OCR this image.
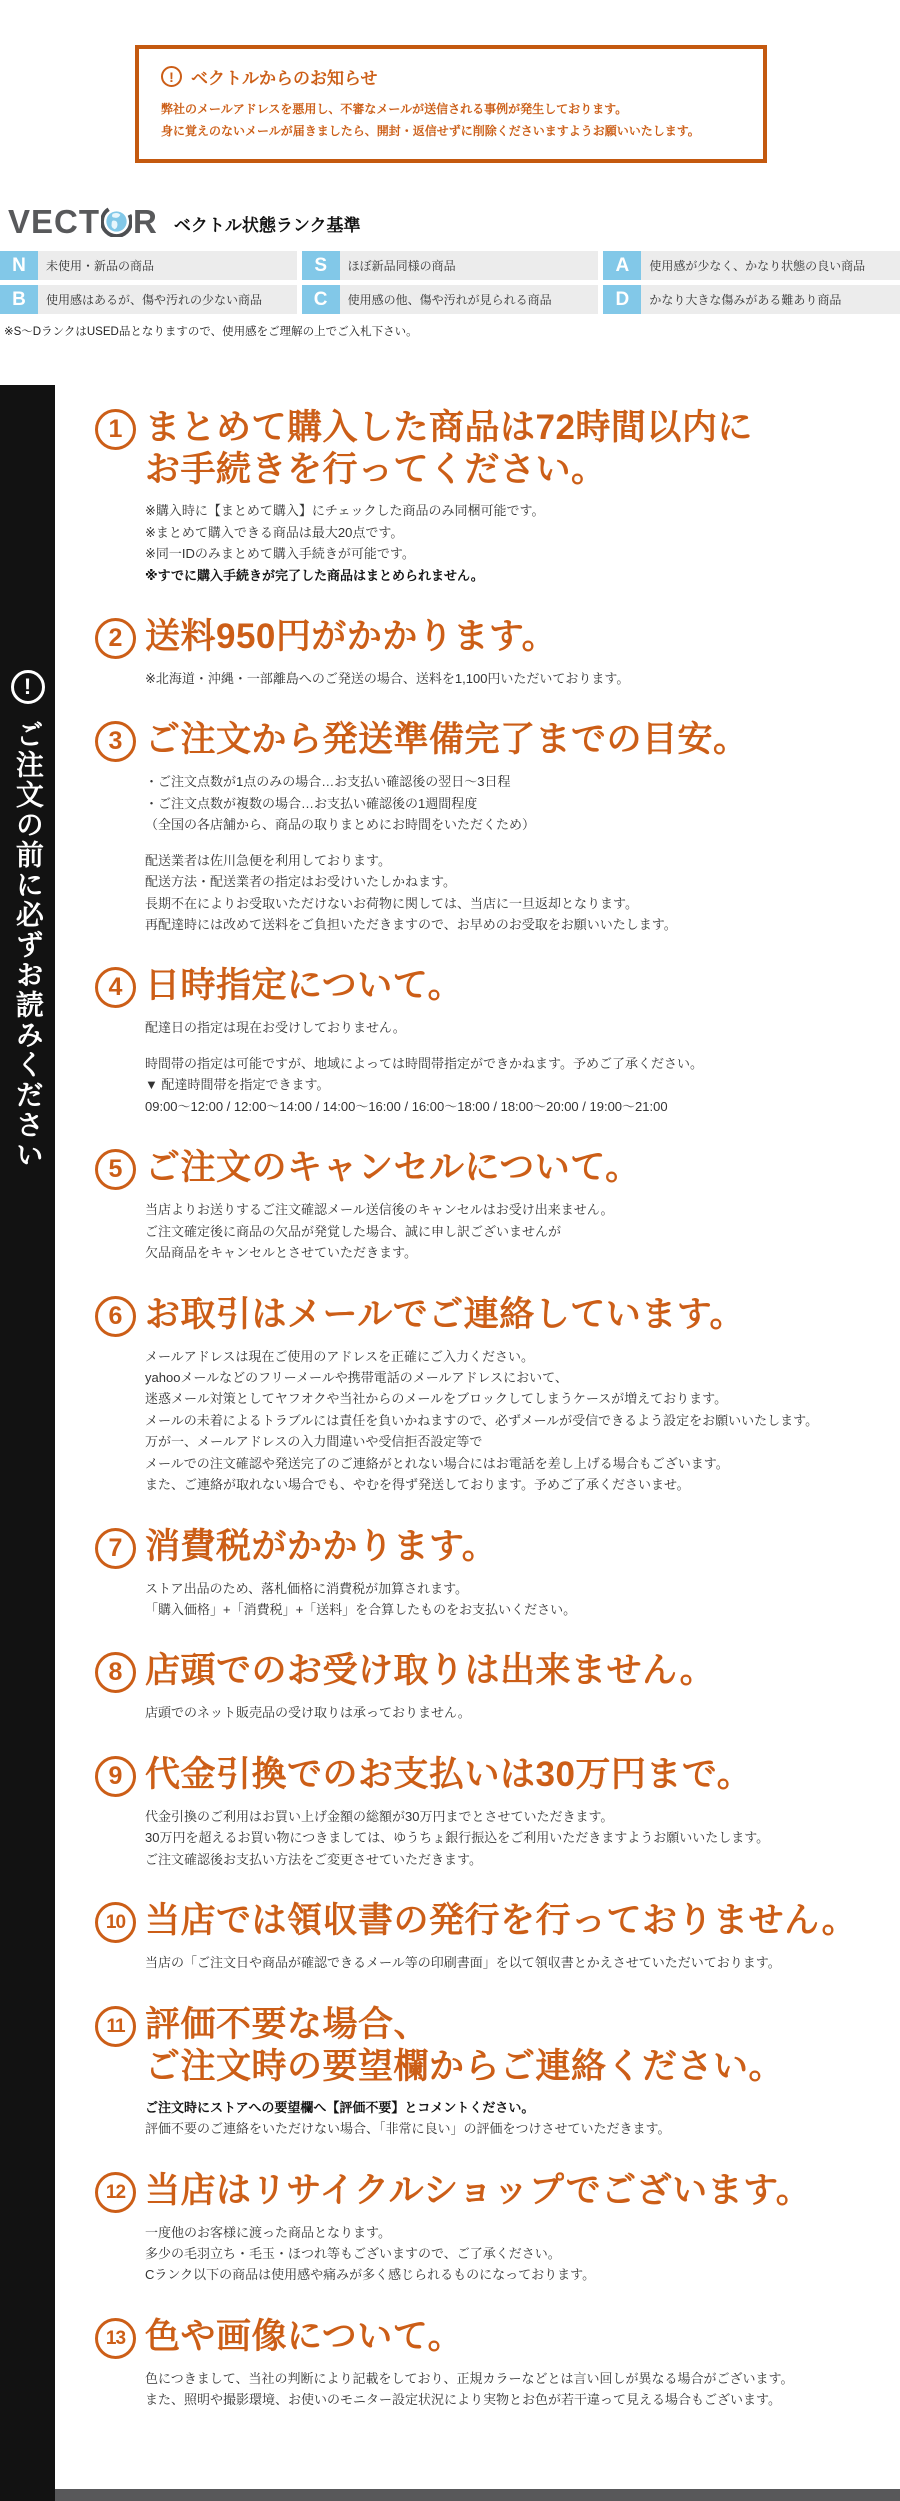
!	ベクトルからのお知らせ
弊社のメールアドレスを悪用し、不審なメールが送信される事例が発生しております。
身に覚えのないメールが届きましたら、開封・返信せずに削除くださいますようお願いいたします。
VECT R ベクトル状態ランク基準
N	未使用・新品の商品	S	ほぼ新品同様の商品	A	使用感が少なく、かなり状態の良い商品
B	使用感はあるが、傷や汚れの少ない商品	C	使用感の他、傷や汚れが見られる商品	D	かなり大きな傷みがある難あり商品
※S〜DランクはUSED品となりますので、使用感をご理解の上でご入札下さい。
!
ご注文の前に必ずお読みください
1 まとめて購入した商品は72時間以内に
お手続きを行ってください。
※購入時に【まとめて購入】にチェックした商品のみ同梱可能です。
※まとめて購入できる商品は最大20点です。
※同一IDのみまとめて購入手続きが可能です。
※すでに購入手続きが完了した商品はまとめられません。
2 送料950円がかかります。
※北海道・沖縄・一部離島へのご発送の場合、送料を1,100円いただいております。
3 ご注文から発送準備完了までの目安。
・ご注文点数が1点のみの場合…お支払い確認後の翌日〜3日程
・ご注文点数が複数の場合…お支払い確認後の1週間程度
（全国の各店舗から、商品の取りまとめにお時間をいただくため）
配送業者は佐川急便を利用しております。
配送方法・配送業者の指定はお受けいたしかねます。
長期不在によりお受取いただけないお荷物に関しては、当店に一旦返却となります。
再配達時には改めて送料をご負担いただきますので、お早めのお受取をお願いいたします。
4 日時指定について。
配達日の指定は現在お受けしておりません。
時間帯の指定は可能ですが、地域によっては時間帯指定ができかねます。予めご了承ください。
▼ 配達時間帯を指定できます。
09:00〜12:00 / 12:00〜14:00 / 14:00〜16:00 / 16:00〜18:00 / 18:00〜20:00 / 19:00〜21:00
5 ご注文のキャンセルについて。
当店よりお送りするご注文確認メール送信後のキャンセルはお受け出来ません。
ご注文確定後に商品の欠品が発覚した場合、誠に申し訳ございませんが
欠品商品をキャンセルとさせていただきます。
6 お取引はメールでご連絡しています。
メールアドレスは現在ご使用のアドレスを正確にご入力ください。
yahooメールなどのフリーメールや携帯電話のメールアドレスにおいて、
迷惑メール対策としてヤフオクや当社からのメールをブロックしてしまうケースが増えております。
メールの未着によるトラブルには責任を負いかねますので、必ずメールが受信できるよう設定をお願いいたします。
万が一、メールアドレスの入力間違いや受信拒否設定等で
メールでの注文確認や発送完了のご連絡がとれない場合にはお電話を差し上げる場合もございます。
また、ご連絡が取れない場合でも、やむを得ず発送しております。予めご了承くださいませ。
7 消費税がかかります。
ストア出品のため、落札価格に消費税が加算されます。
「購入価格」+「消費税」+「送料」を合算したものをお支払いください。
8 店頭でのお受け取りは出来ません。
店頭でのネット販売品の受け取りは承っておりません。
9 代金引換でのお支払いは30万円まで。
代金引換のご利用はお買い上げ金額の総額が30万円までとさせていただきます。
30万円を超えるお買い物につきましては、ゆうちょ銀行振込をご利用いただきますようお願いいたします。
ご注文確認後お支払い方法をご変更させていただきます。
10 当店では領収書の発行を行っておりません。
当店の「ご注文日や商品が確認できるメール等の印刷書面」を以て領収書とかえさせていただいております。
11 評価不要な場合、
ご注文時の要望欄からご連絡ください。
ご注文時にストアへの要望欄へ【評価不要】とコメントください。
評価不要のご連絡をいただけない場合、「非常に良い」の評価をつけさせていただきます。
12 当店はリサイクルショップでございます。
一度他のお客様に渡った商品となります。
多少の毛羽立ち・毛玉・ほつれ等もございますので、ご了承ください。
Cランク以下の商品は使用感や痛みが多く感じられるものになっております。
13 色や画像について。
色につきまして、当社の判断により記載をしており、正規カラーなどとは言い回しが異なる場合がございます。
また、照明や撮影環境、お使いのモニター設定状況により実物とお色が若干違って見える場合もございます。
